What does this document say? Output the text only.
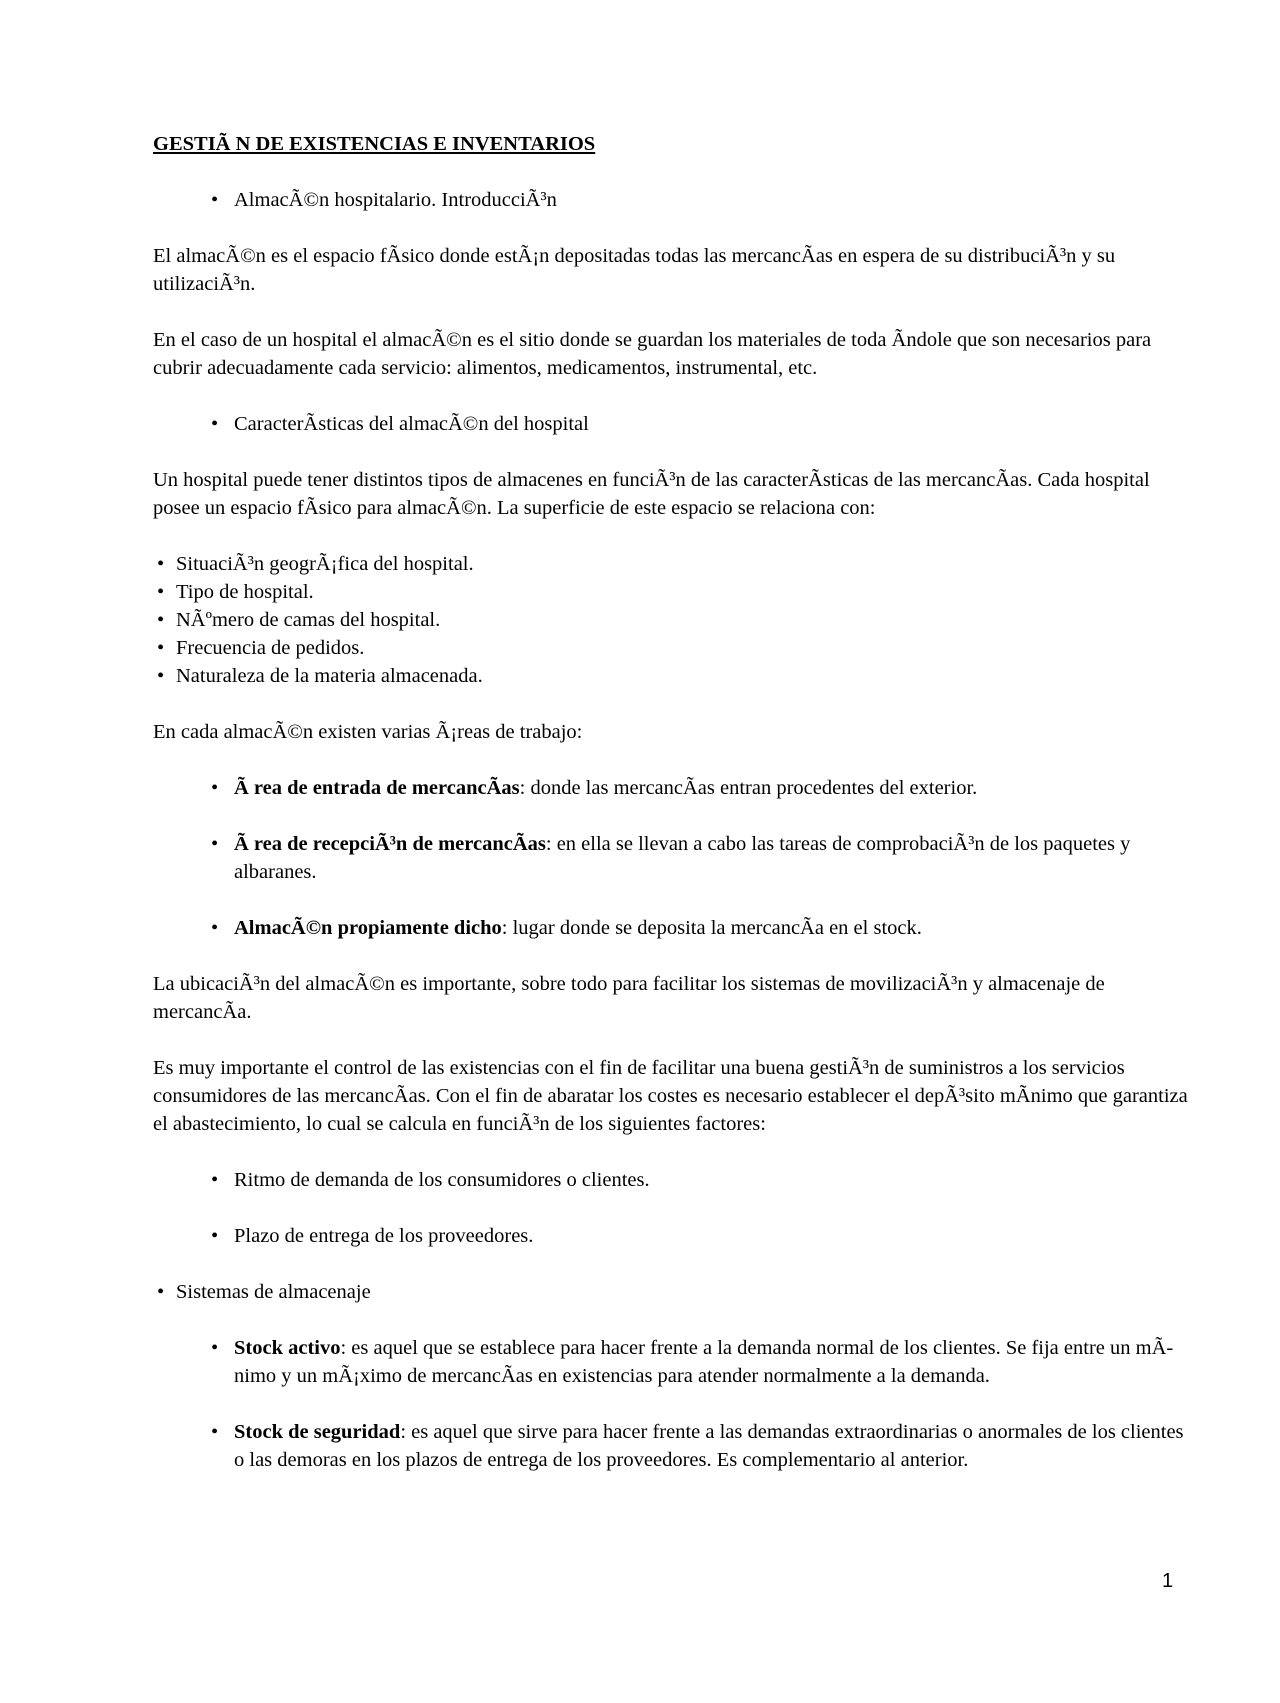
GESTIÃ N DE EXISTENCIAS E INVENTARIOS
• AlmacÃ©n hospitalario. IntroducciÃ³n

El almacÃ©n es el espacio fÃsico donde estÃ¡n depositadas todas las mercancÃas en espera de su distribuciÃ³n y su utilizaciÃ³n.

En el caso de un hospital el almacÃ©n es el sitio donde se guardan los materiales de toda Ãndole que son necesarios para cubrir adecuadamente cada servicio: alimentos, medicamentos, instrumental, etc.

• CaracterÃsticas del almacÃ©n del hospital

Un hospital puede tener distintos tipos de almacenes en funciÃ³n de las caracterÃsticas de las mercancÃas. Cada hospital posee un espacio fÃsico para almacÃ©n. La superficie de este espacio se relaciona con:

• SituaciÃ³n geogrÃ¡fica del hospital.
• Tipo de hospital.
• NÃºmero de camas del hospital.
• Frecuencia de pedidos.
• Naturaleza de la materia almacenada.

En cada almacÃ©n existen varias Ã¡reas de trabajo:

• Ã rea de entrada de mercancÃas: donde las mercancÃas entran procedentes del exterior.
• Ã rea de recepciÃ³n de mercancÃas: en ella se llevan a cabo las tareas de comprobaciÃ³n de los paquetes y albaranes.
• AlmacÃ©n propiamente dicho: lugar donde se deposita la mercancÃa en el stock.

La ubicaciÃ³n del almacÃ©n es importante, sobre todo para facilitar los sistemas de movilizaciÃ³n y almacenaje de mercancÃa.

Es muy importante el control de las existencias con el fin de facilitar una buena gestiÃ³n de suministros a los servicios consumidores de las mercancÃas. Con el fin de abaratar los costes es necesario establecer el depÃ³sito mÃnimo que garantiza el abastecimiento, lo cual se calcula en funciÃ³n de los siguientes factores:

• Ritmo de demanda de los consumidores o clientes.
• Plazo de entrega de los proveedores.
• Sistemas de almacenaje
• Stock activo: es aquel que se establece para hacer frente a la demanda normal de los clientes. Se fija entre un mÃnimo y un mÃ¡ximo de mercancÃas en existencias para atender normalmente a la demanda.
• Stock de seguridad: es aquel que sirve para hacer frente a las demandas extraordinarias o anormales de los clientes o las demoras en los plazos de entrega de los proveedores. Es complementario al anterior.
1
